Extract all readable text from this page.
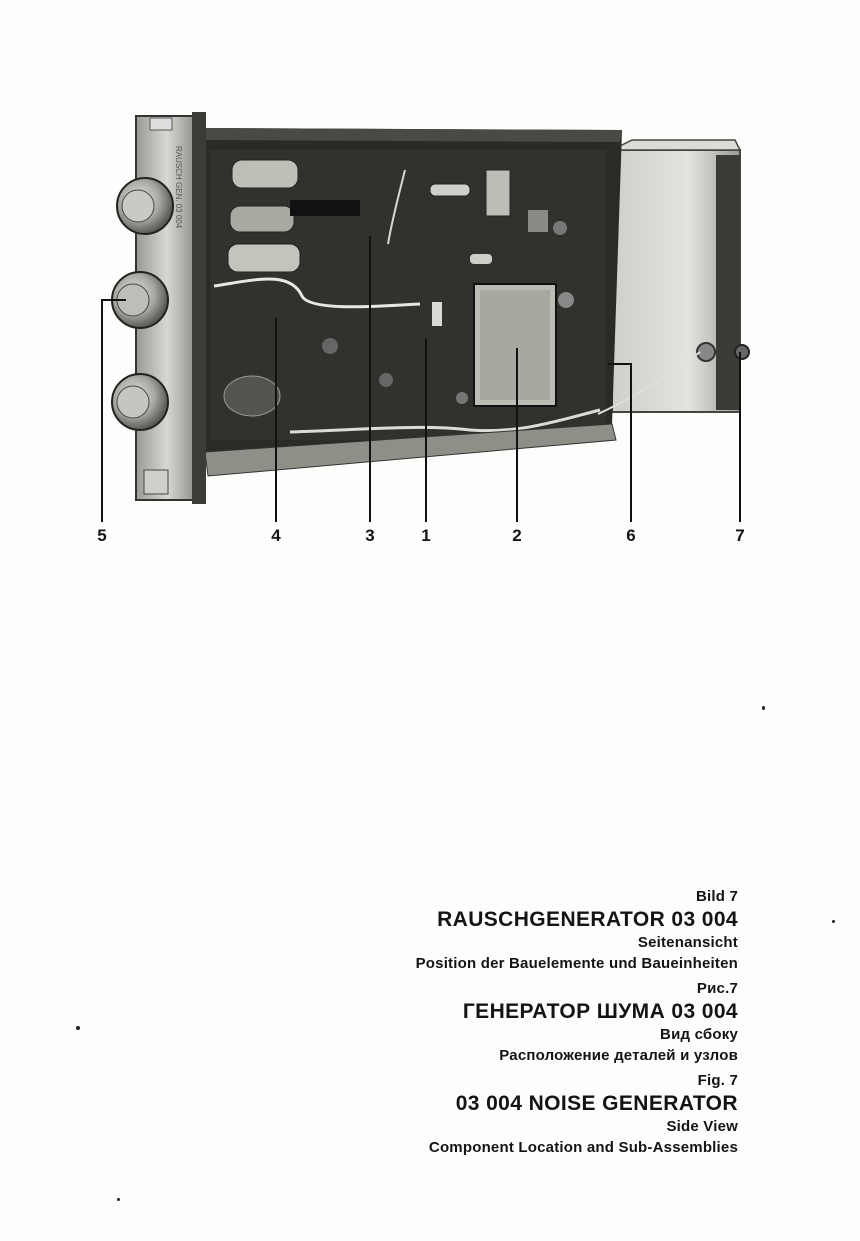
RAUSCH GEN. 03 004
5	4	3	1	2	6	7
Bild 7
RAUSCHGENERATOR 03 004
Seitenansicht
Position der Bauelemente und Baueinheiten
Рис.7
ГЕНЕРАТОР ШУМА 03 004
Вид сбоку
Расположение деталей и узлов
Fig. 7
03 004 NOISE GENERATOR
Side View
Component Location and Sub-Assemblies
